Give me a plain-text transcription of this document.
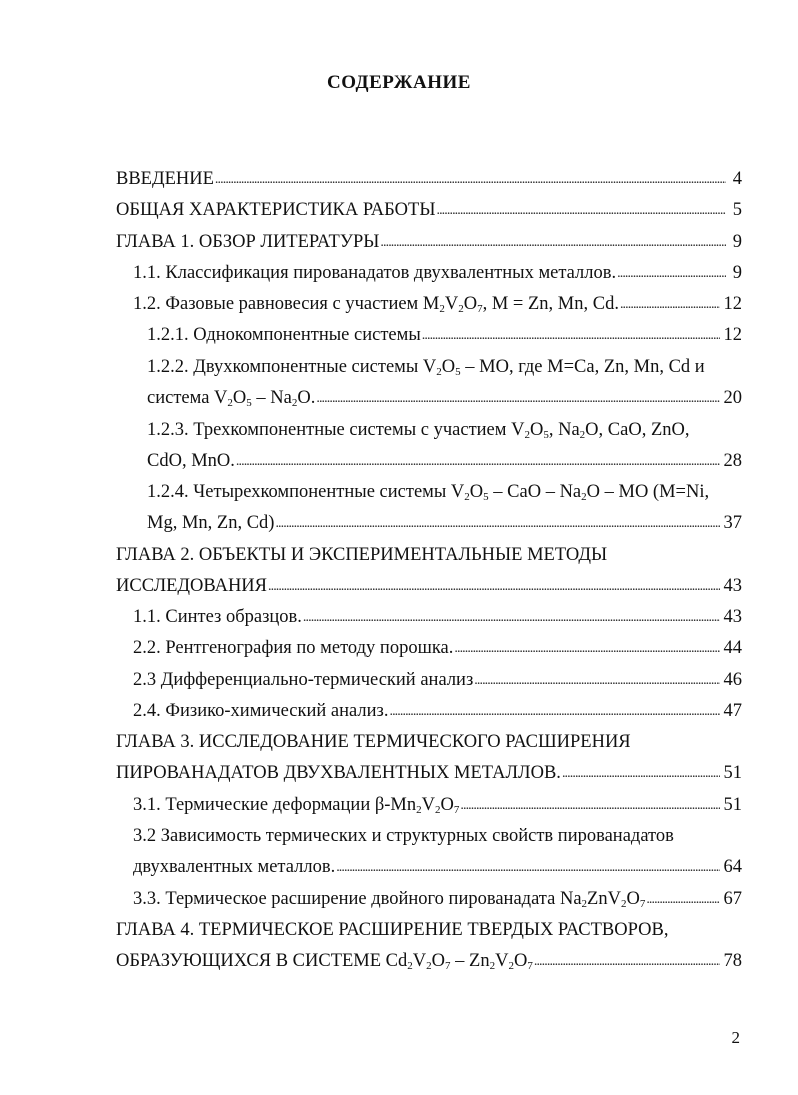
СОДЕРЖАНИЕ
ВВЕДЕНИЕ . . .	4
ОБЩАЯ ХАРАКТЕРИСТИКА РАБОТЫ . . .	5
ГЛАВА 1. ОБЗОР ЛИТЕРАТУРЫ . . .	9
1.1. Классификация пированадатов двухвалентных металлов. . . .	9
1.2. Фазовые равновесия с участием $M_2V_2O_7$, M = Zn, Mn, Cd. . . .	12
1.2.1. Однокомпонентные системы . . .	12
1.2.2. Двухкомпонентные системы $V_2O_5$ – MO, где M=Ca, Zn, Mn, Cd и
система $V_2O_5 - Na_2O$. . . .	20
1.2.3. Трехкомпонентные системы с участием $V_2O_5$, $Na_2O$, CaO, ZnO,
CdO, MnO. . . .	28
1.2.4. Четырехкомпонентные системы $V_2O_5$ – CaO – $Na_2O$ – MO (M=Ni,
Mg, Mn, Zn, Cd) . . .	37
ГЛАВА 2. ОБЪЕКТЫ И ЭКСПЕРИМЕНТАЛЬНЫЕ МЕТОДЫ
ИССЛЕДОВАНИЯ . . .	43
1.1. Синтез образцов. . . .	43
2.2. Рентгенография по методу порошка. . . .	44
2.3 Дифференциально-термический анализ . . .	46
2.4. Физико-химический анализ. . . .	47
ГЛАВА 3. ИССЛЕДОВАНИЕ ТЕРМИЧЕСКОГО РАСШИРЕНИЯ
ПИРОВАНАДАТОВ ДВУХВАЛЕНТНЫХ МЕТАЛЛОВ. . . .	51
3.1. Термические деформации $\beta-Mn_2V_2O_7$ . . .	51
3.2 Зависимость термических и структурных свойств пированадатов
двухвалентных металлов. . . .	64
3.3. Термическое расширение двойного пированадата $Na_2ZnV_2O_7$ . . .	67
ГЛАВА 4. ТЕРМИЧЕСКОЕ РАСШИРЕНИЕ ТВЕРДЫХ РАСТВОРОВ,
ОБРАЗУЮЩИХСЯ В СИСТЕМЕ $Cd_2V_2O_7 - Zn_2V_2O_7$ . . .	78
2
